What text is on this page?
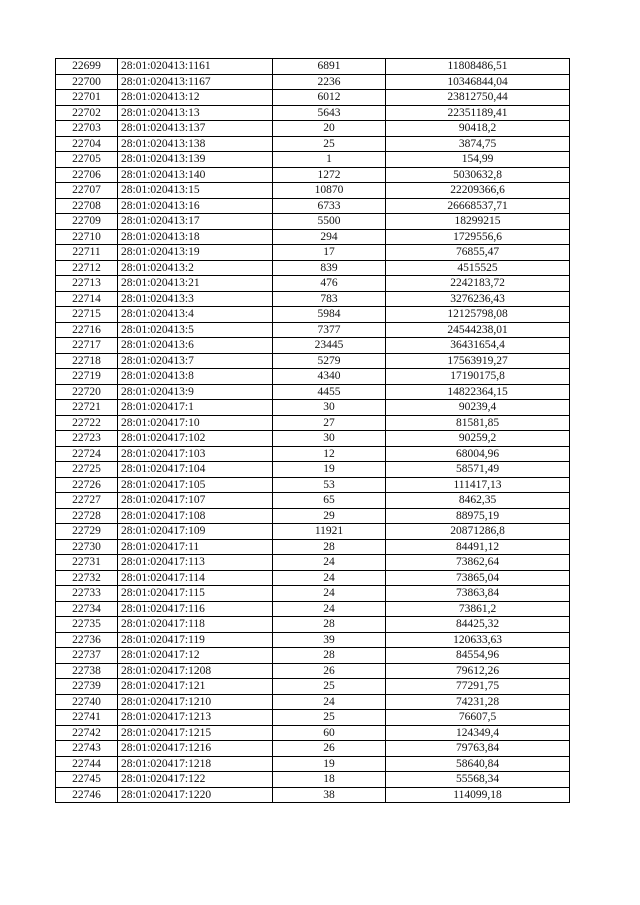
22699	28:01:020413:1161	6891	11808486,51
22700	28:01:020413:1167	2236	10346844,04
22701	28:01:020413:12	6012	23812750,44
22702	28:01:020413:13	5643	22351189,41
22703	28:01:020413:137	20	90418,2
22704	28:01:020413:138	25	3874,75
22705	28:01:020413:139	1	154,99
22706	28:01:020413:140	1272	5030632,8
22707	28:01:020413:15	10870	22209366,6
22708	28:01:020413:16	6733	26668537,71
22709	28:01:020413:17	5500	18299215
22710	28:01:020413:18	294	1729556,6
22711	28:01:020413:19	17	76855,47
22712	28:01:020413:2	839	4515525
22713	28:01:020413:21	476	2242183,72
22714	28:01:020413:3	783	3276236,43
22715	28:01:020413:4	5984	12125798,08
22716	28:01:020413:5	7377	24544238,01
22717	28:01:020413:6	23445	36431654,4
22718	28:01:020413:7	5279	17563919,27
22719	28:01:020413:8	4340	17190175,8
22720	28:01:020413:9	4455	14822364,15
22721	28:01:020417:1	30	90239,4
22722	28:01:020417:10	27	81581,85
22723	28:01:020417:102	30	90259,2
22724	28:01:020417:103	12	68004,96
22725	28:01:020417:104	19	58571,49
22726	28:01:020417:105	53	111417,13
22727	28:01:020417:107	65	8462,35
22728	28:01:020417:108	29	88975,19
22729	28:01:020417:109	11921	20871286,8
22730	28:01:020417:11	28	84491,12
22731	28:01:020417:113	24	73862,64
22732	28:01:020417:114	24	73865,04
22733	28:01:020417:115	24	73863,84
22734	28:01:020417:116	24	73861,2
22735	28:01:020417:118	28	84425,32
22736	28:01:020417:119	39	120633,63
22737	28:01:020417:12	28	84554,96
22738	28:01:020417:1208	26	79612,26
22739	28:01:020417:121	25	77291,75
22740	28:01:020417:1210	24	74231,28
22741	28:01:020417:1213	25	76607,5
22742	28:01:020417:1215	60	124349,4
22743	28:01:020417:1216	26	79763,84
22744	28:01:020417:1218	19	58640,84
22745	28:01:020417:122	18	55568,34
22746	28:01:020417:1220	38	114099,18
